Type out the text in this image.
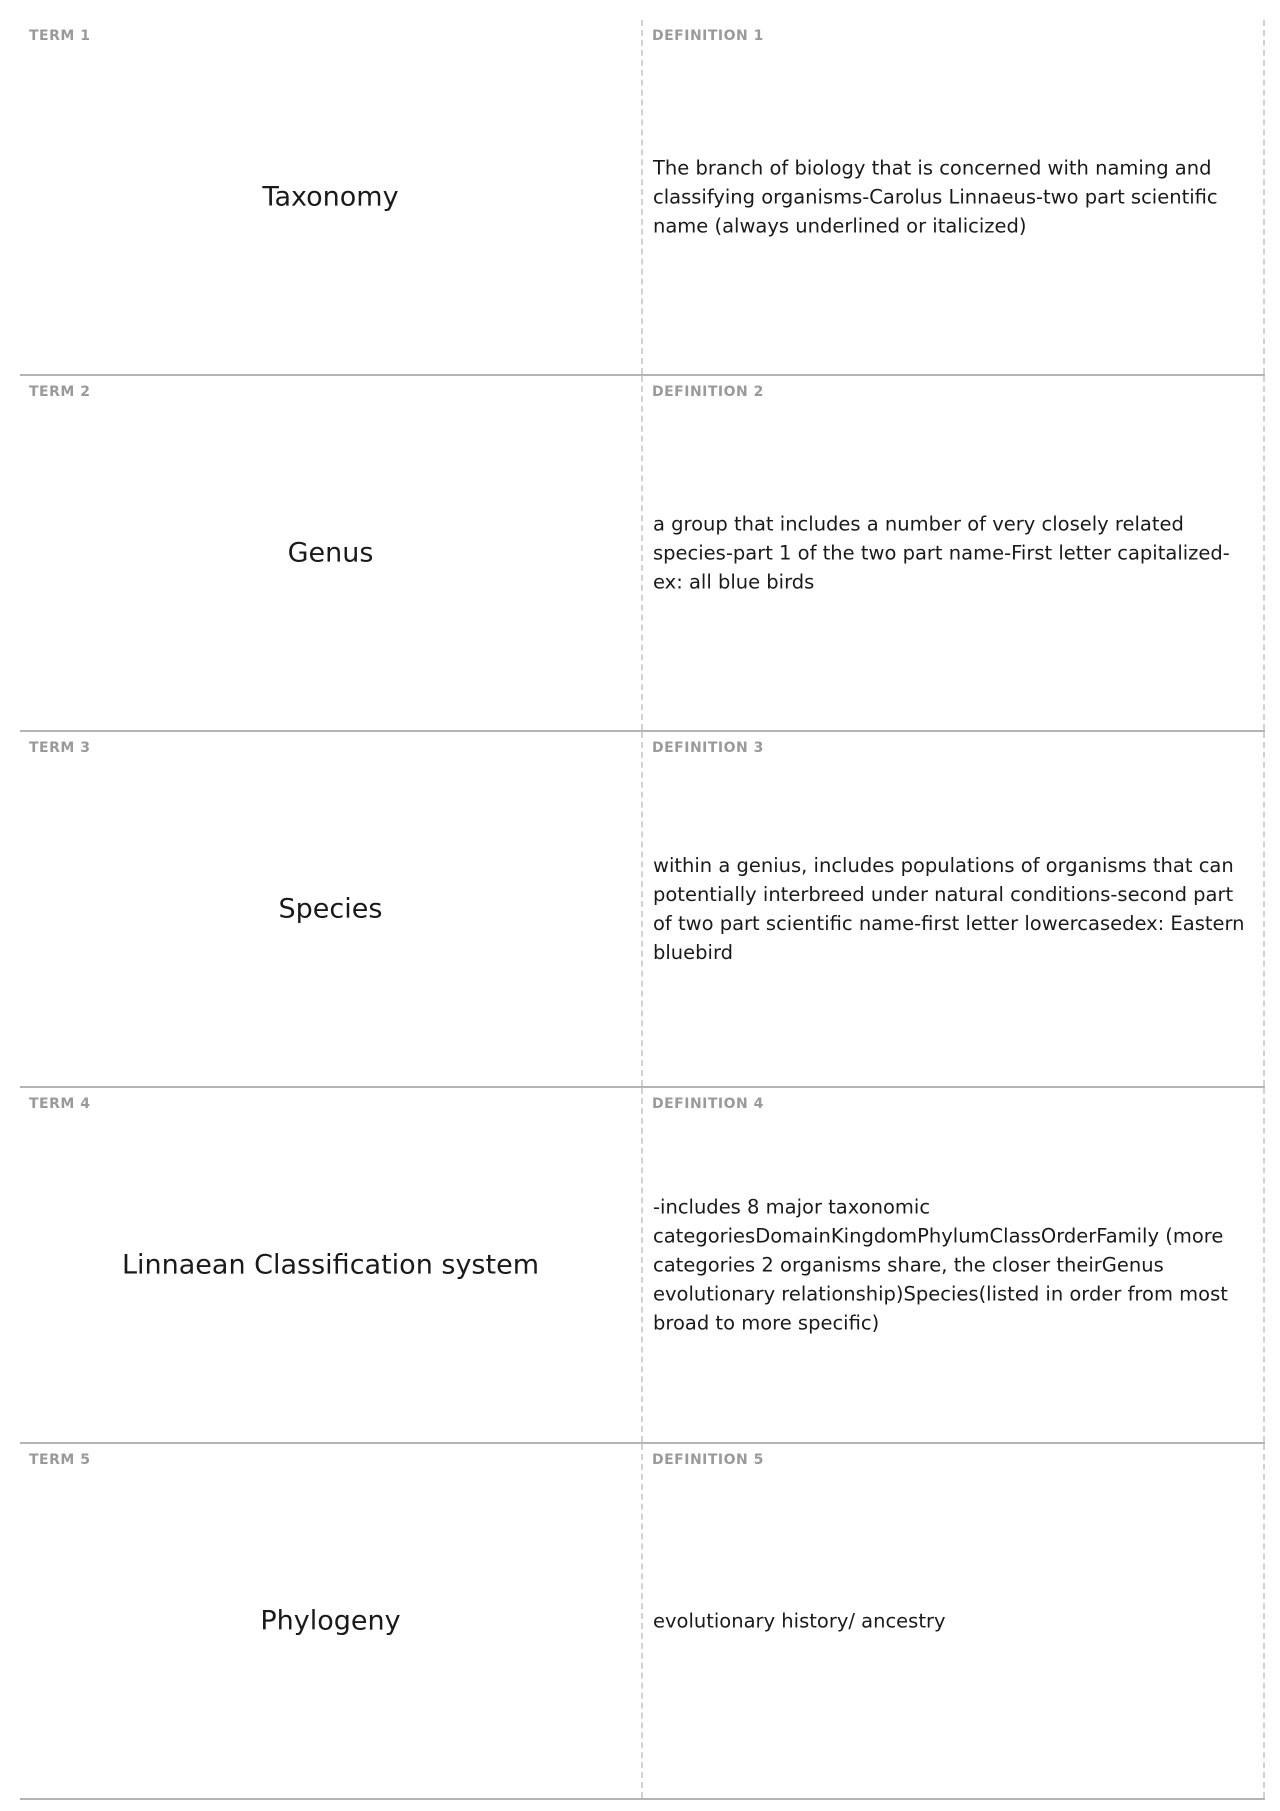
TERM 1
Taxonomy
DEFINITION 1
The branch of biology that is concerned with naming and classifying organisms-Carolus Linnaeus-two part scientific name (always underlined or italicized)
TERM 2
Genus
DEFINITION 2
a group that includes a number of very closely related species-part 1 of the two part name-First letter capitalized-ex: all blue birds
TERM 3
Species
DEFINITION 3
within a genius, includes populations of organisms that can potentially interbreed under natural conditions-second part of two part scientific name-first letter lowercasedex: Eastern bluebird
TERM 4
Linnaean Classification system
DEFINITION 4
-includes 8 major taxonomic categoriesDomainKingdomPhylumClassOrderFamily (more categories 2 organisms share, the closer theirGenus evolutionary relationship)Species(listed in order from most broad to more specific)
TERM 5
Phylogeny
DEFINITION 5
evolutionary history/ ancestry
